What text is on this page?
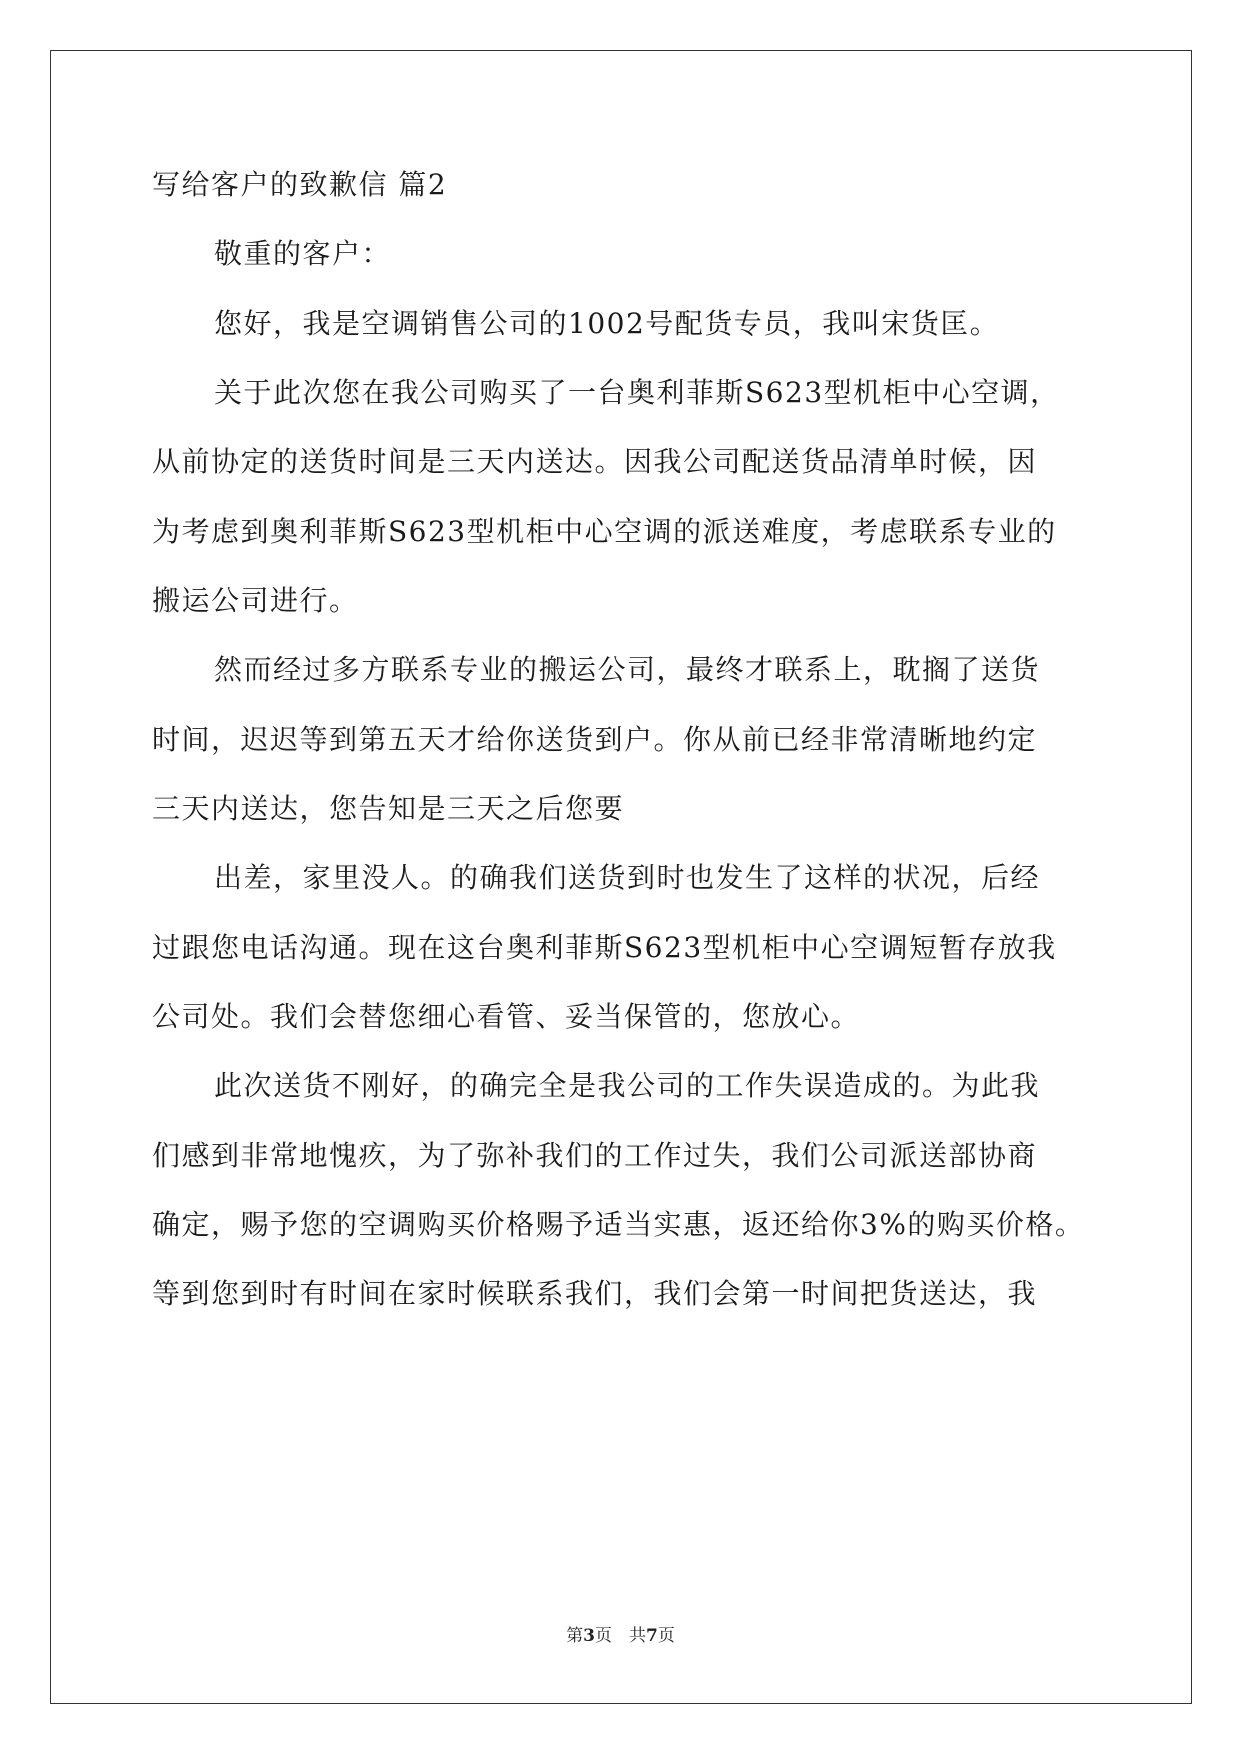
写给客户的致歉信 篇2
敬重的客户：
您好，我是空调销售公司的1002号配货专员，我叫宋货匡。
关于此次您在我公司购买了一台奥利菲斯S623型机柜中心空调，
从前协定的送货时间是三天内送达。因我公司配送货品清单时候，因
为考虑到奥利菲斯S623型机柜中心空调的派送难度，考虑联系专业的
搬运公司进行。
然而经过多方联系专业的搬运公司，最终才联系上，耽搁了送货
时间，迟迟等到第五天才给你送货到户。你从前已经非常清晰地约定
三天内送达，您告知是三天之后您要
出差，家里没人。的确我们送货到时也发生了这样的状况，后经
过跟您电话沟通。现在这台奥利菲斯S623型机柜中心空调短暂存放我
公司处。我们会替您细心看管、妥当保管的，您放心。
此次送货不刚好，的确完全是我公司的工作失误造成的。为此我
们感到非常地愧疚，为了弥补我们的工作过失，我们公司派送部协商
确定，赐予您的空调购买价格赐予适当实惠，返还给你3%的购买价格。
等到您到时有时间在家时候联系我们，我们会第一时间把货送达，我
第3页　共7页
